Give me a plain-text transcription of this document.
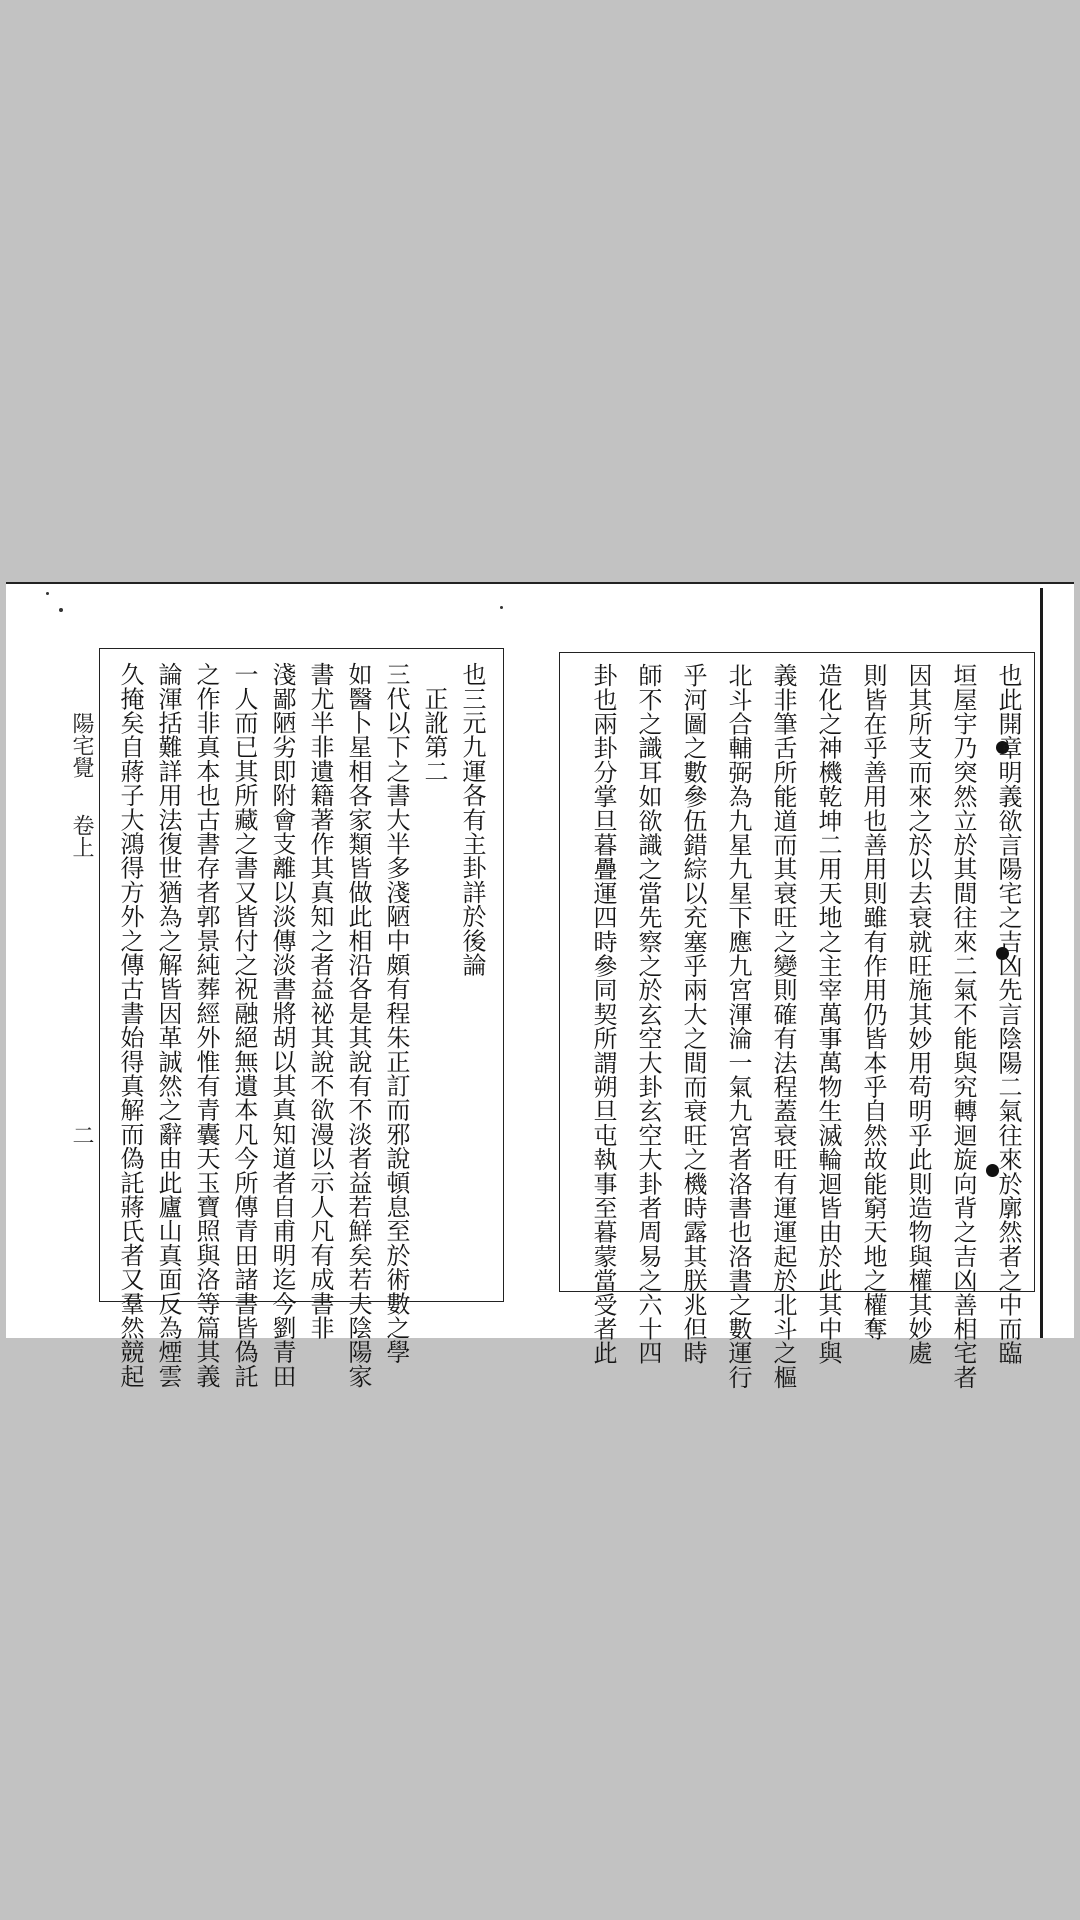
陽宅覺
卷上
二
也三元九運各有主卦詳於後論
　正訛第二
三代以下之書大半多淺陋中頗有程朱正訂而邪說頓息至於術數之學
如醫卜星相各家類皆做此相沿各是其說有不淡者益若鮮矣若夫陰陽家
書尤半非遺籍著作其真知之者益祕其說不欲漫以示人凡有成書非
淺鄙陋劣即附會支離以淡傳淡書將胡以其真知道者自甫明迄今劉青田
一人而已其所藏之書又皆付之祝融絕無遺本凡今所傳青田諸書皆偽託
之作非真本也古書存者郭景純葬經外惟有青囊天玉寶照與洛等篇其義
論渾括難詳用法復世猶為之解皆因革誠然之辭由此廬山真面反為煙雲
久掩矣自蔣子大鴻得方外之傳古書始得真解而偽託蔣氏者又羣然競起	也此開章明義欲言陽宅之吉凶先言陰陽二氣往來於廓然者之中而臨
垣屋宇乃突然立於其間往來二氣不能與究轉迴旋向背之吉凶善相宅者
因其所支而來之於以去衰就旺施其妙用苟明乎此則造物與權其妙處
則皆在乎善用也善用則雖有作用仍皆本乎自然故能窮天地之權奪
造化之神機乾坤二用天地之主宰萬事萬物生滅輪迴皆由於此其中與
義非筆舌所能道而其衰旺之變則確有法程蓋衰旺有運運起於北斗之樞
北斗合輔弼為九星九星下應九宮渾淪一氣九宮者洛書也洛書之數運行
乎河圖之數參伍錯綜以充塞乎兩大之間而衰旺之機時露其朕兆但時
師不之識耳如欲識之當先察之於玄空大卦玄空大卦者周易之六十四
卦也兩卦分掌旦暮疊運四時參同契所謂朔旦屯執事至暮蒙當受者此
